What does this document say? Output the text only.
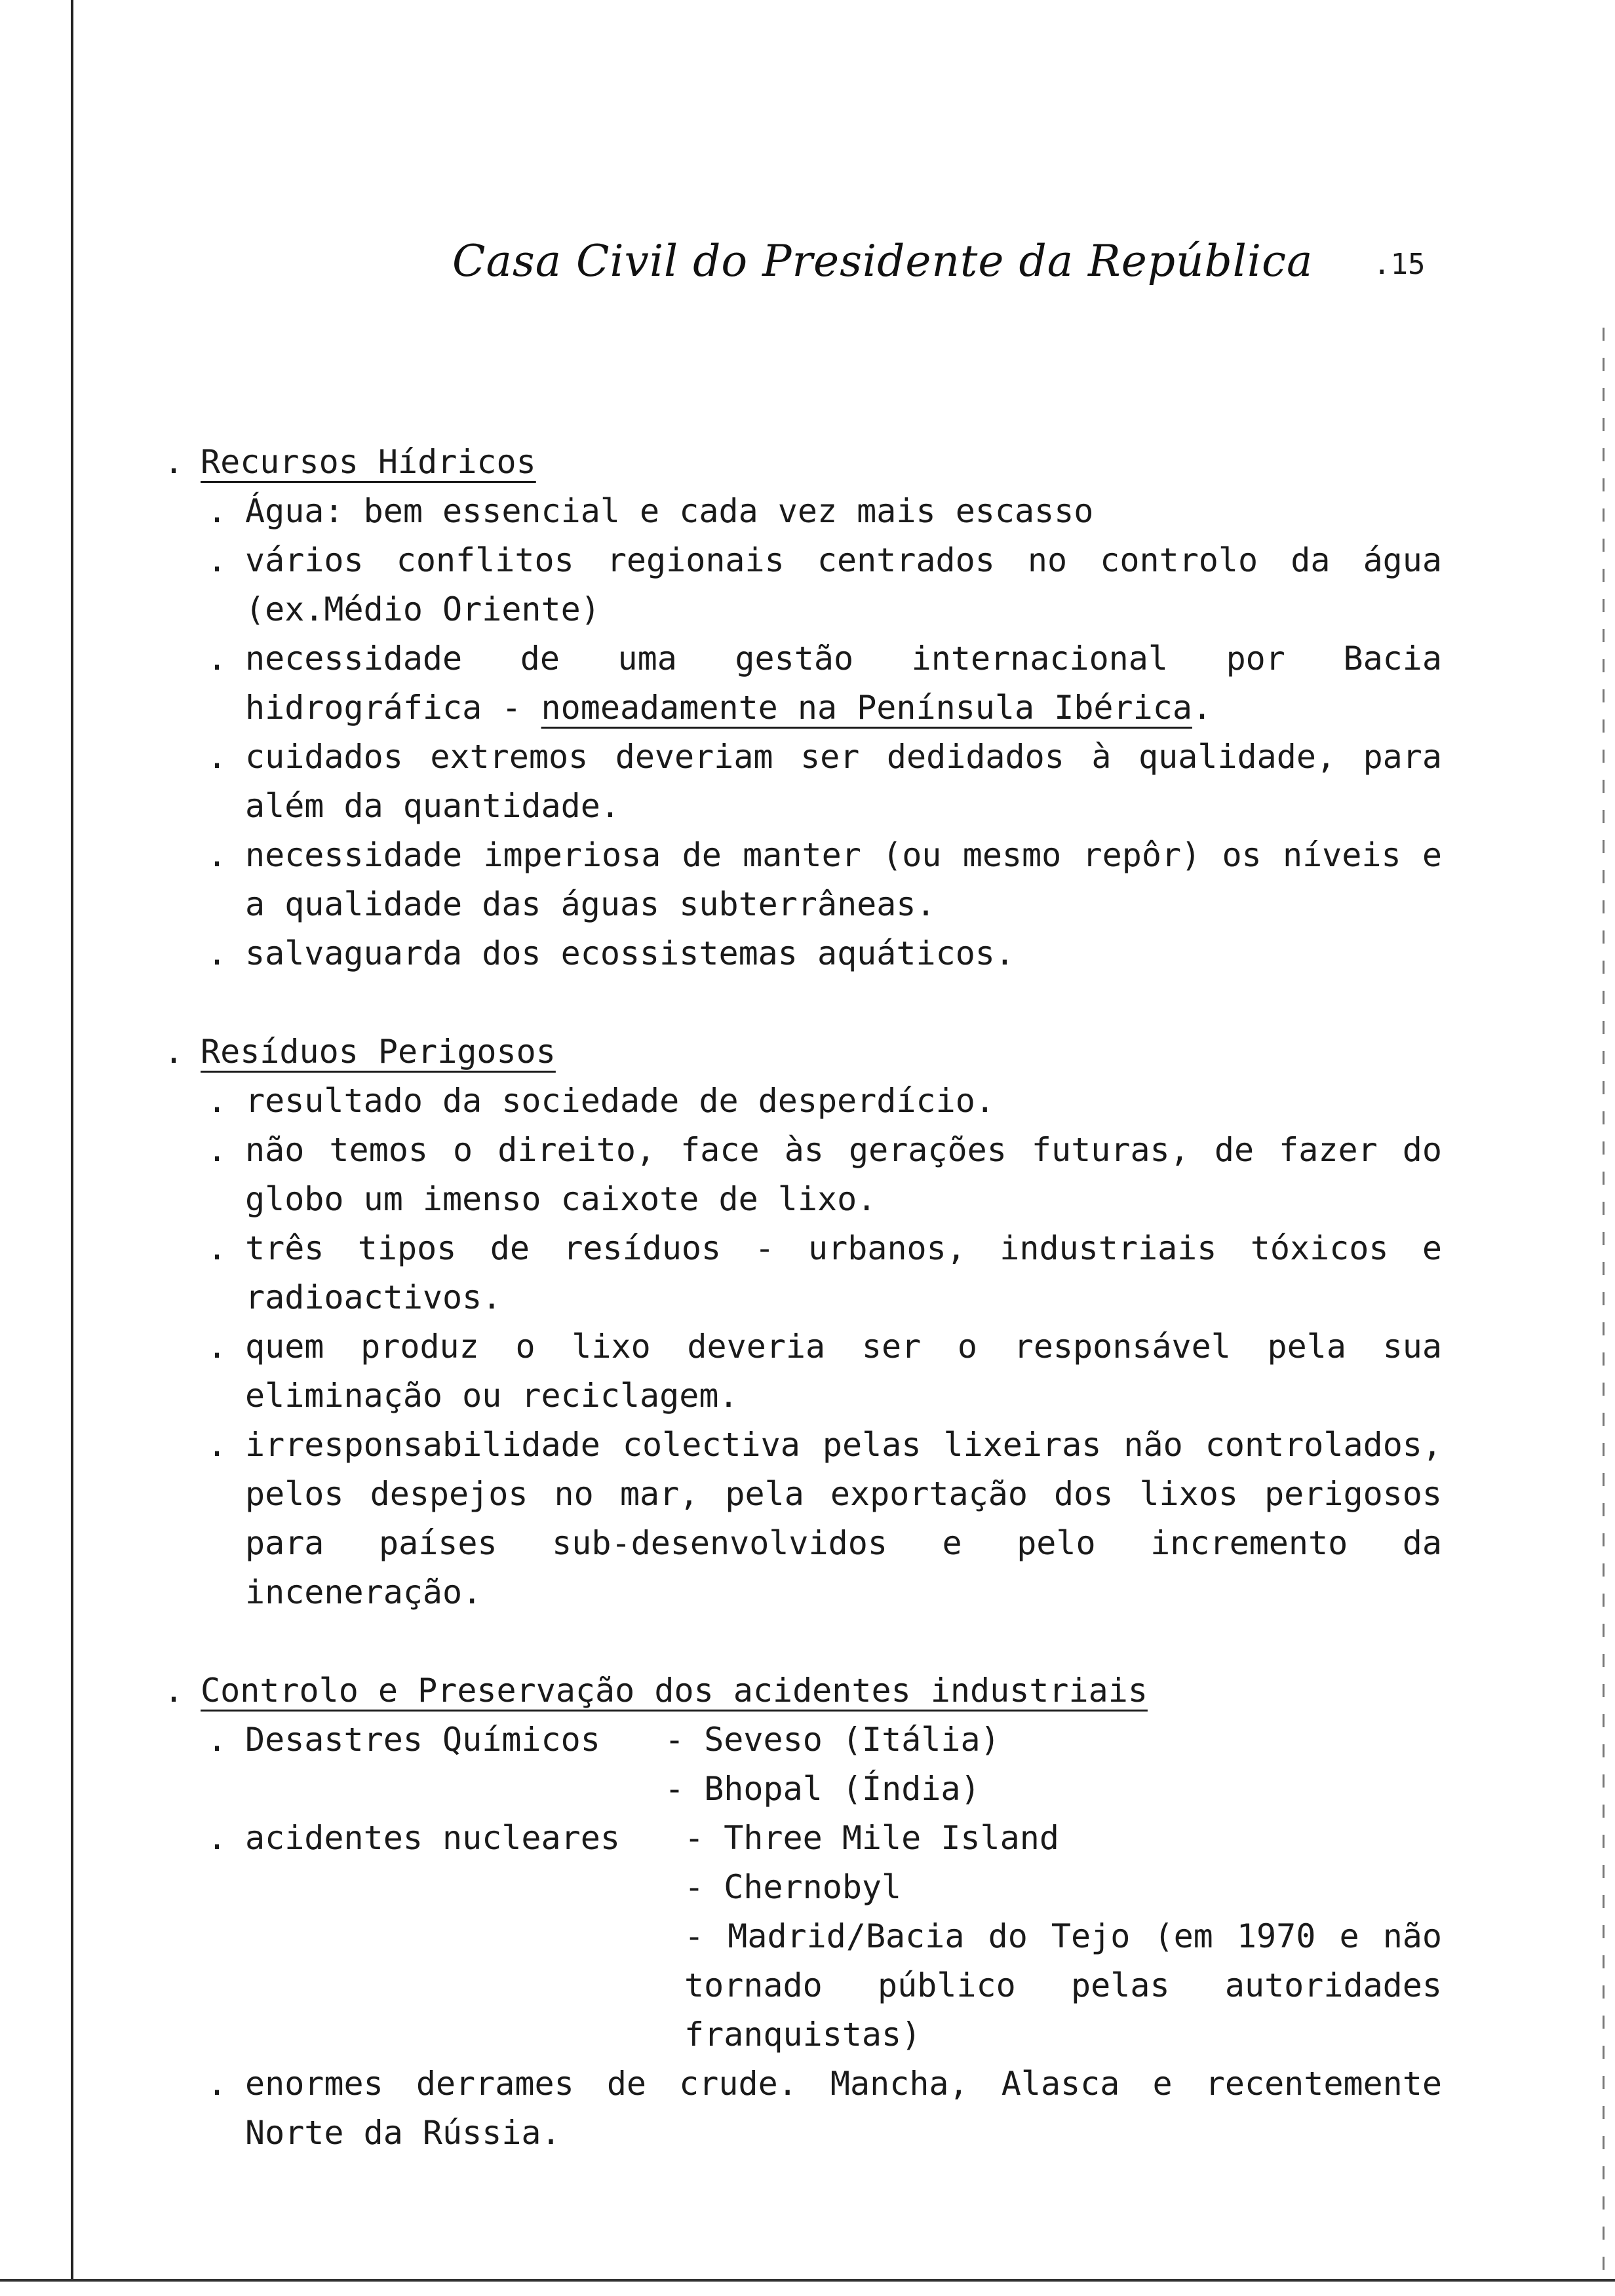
Casa Civil do Presidente da República .15
. Recursos Hídricos
. Água: bem essencial e cada vez mais escasso
. vários conflitos regionais centrados no controlo da água (ex.Médio Oriente)
. necessidade de uma gestão internacional por Bacia hidrográfica - nomeadamente na Península Ibérica.
. cuidados extremos deveriam ser dedidados à qualidade, para além da quantidade.
. necessidade imperiosa de manter (ou mesmo repôr) os níveis e a qualidade das águas subterrâneas.
. salvaguarda dos ecossistemas aquáticos.
. Resíduos Perigosos
. resultado da sociedade de desperdício.
. não temos o direito, face às gerações futuras, de fazer do globo um imenso caixote de lixo.
. três tipos de resíduos - urbanos, industriais tóxicos e radioactivos.
. quem produz o lixo deveria ser o responsável pela sua eliminação ou reciclagem.
. irresponsabilidade colectiva pelas lixeiras não controlados, pelos despejos no mar, pela exportação dos lixos perigosos para países sub-desenvolvidos e pelo incremento da inceneração.
. Controlo e Preservação dos acidentes industriais
. Desastres Químicos	- Seveso (Itália)
- Bhopal (Índia)
. acidentes nucleares	- Three Mile Island
- Chernobyl
- Madrid/Bacia do Tejo (em 1970 e não tornado público pelas autoridades franquistas)
. enormes derrames de crude. Mancha, Alasca e recentemente Norte da Rússia.
